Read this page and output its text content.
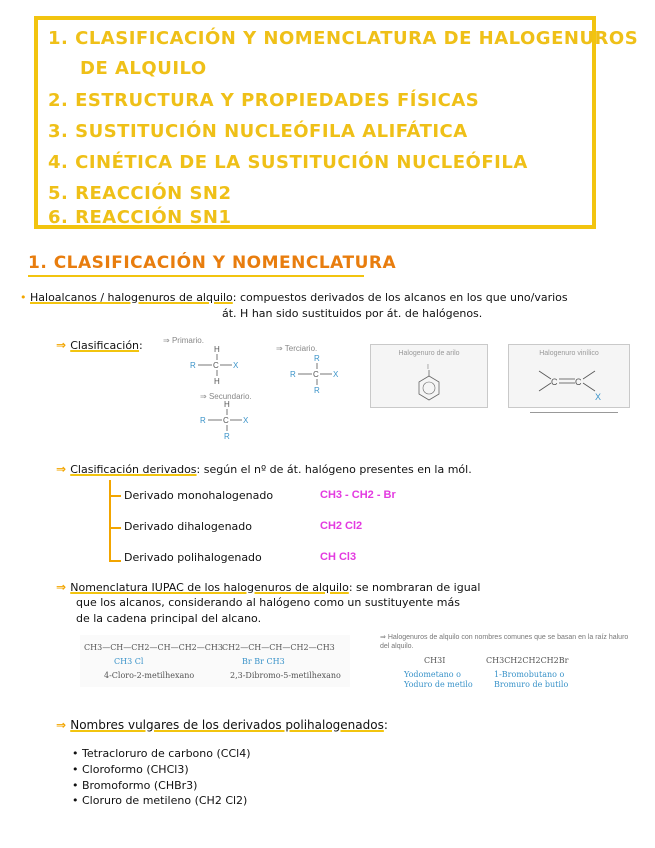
1. CLASIFICACIÓN Y NOMENCLATURA DE HALOGENUROS
DE ALQUILO
2. ESTRUCTURA Y PROPIEDADES FÍSICAS
3. SUSTITUCIÓN NUCLEÓFILA ALIFÁTICA
4. CINÉTICA DE LA SUSTITUCIÓN NUCLEÓFILA
5. REACCIÓN SN2
6. REACCIÓN SN1
1. CLASIFICACIÓN Y NOMENCLATURA
• Haloalcanos / halogenuros de alquilo: compuestos derivados de los alcanos en los que uno/varios
át. H han sido sustituidos por át. de halógenos.
⇒ Clasificación:	⇒ Primario.
H
R C X
H
⇒ Secundario.
H
R C X
R
⇒ Terciario.
R
R C X
R
Halogenuro de arilo
I
Halogenuro vinílico
C C
X
⇒ Clasificación derivados: según el nº de át. halógeno presentes en la mól.
Derivado monohalogenado	CH3 - CH2 - Br
Derivado dihalogenado	CH2 Cl2
Derivado polihalogenado	CH Cl3
⇒ Nomenclatura IUPAC de los halogenuros de alquilo: se nombraran de igual
que los alcanos, considerando al halógeno como un sustituyente más
de la cadena principal del alcano.
CH3—CH—CH2—CH—CH2—CH3
CH3 Cl
4-Cloro-2-metilhexano
CH2—CH—CH—CH2—CH3
Br Br CH3
2,3-Dibromo-5-metilhexano
⇒ Halogenuros de alquilo con nombres comunes que se basan en la raíz haluro del alquilo.
CH3I
Yodometano o
Yoduro de metilo
CH3CH2CH2CH2Br
1-Bromobutano o
Bromuro de butilo
⇒ Nombres vulgares de los derivados polihalogenados:
• Tetracloruro de carbono (CCl4)
• Cloroformo (CHCl3)
• Bromoformo (CHBr3)
• Cloruro de metileno (CH2 Cl2)
